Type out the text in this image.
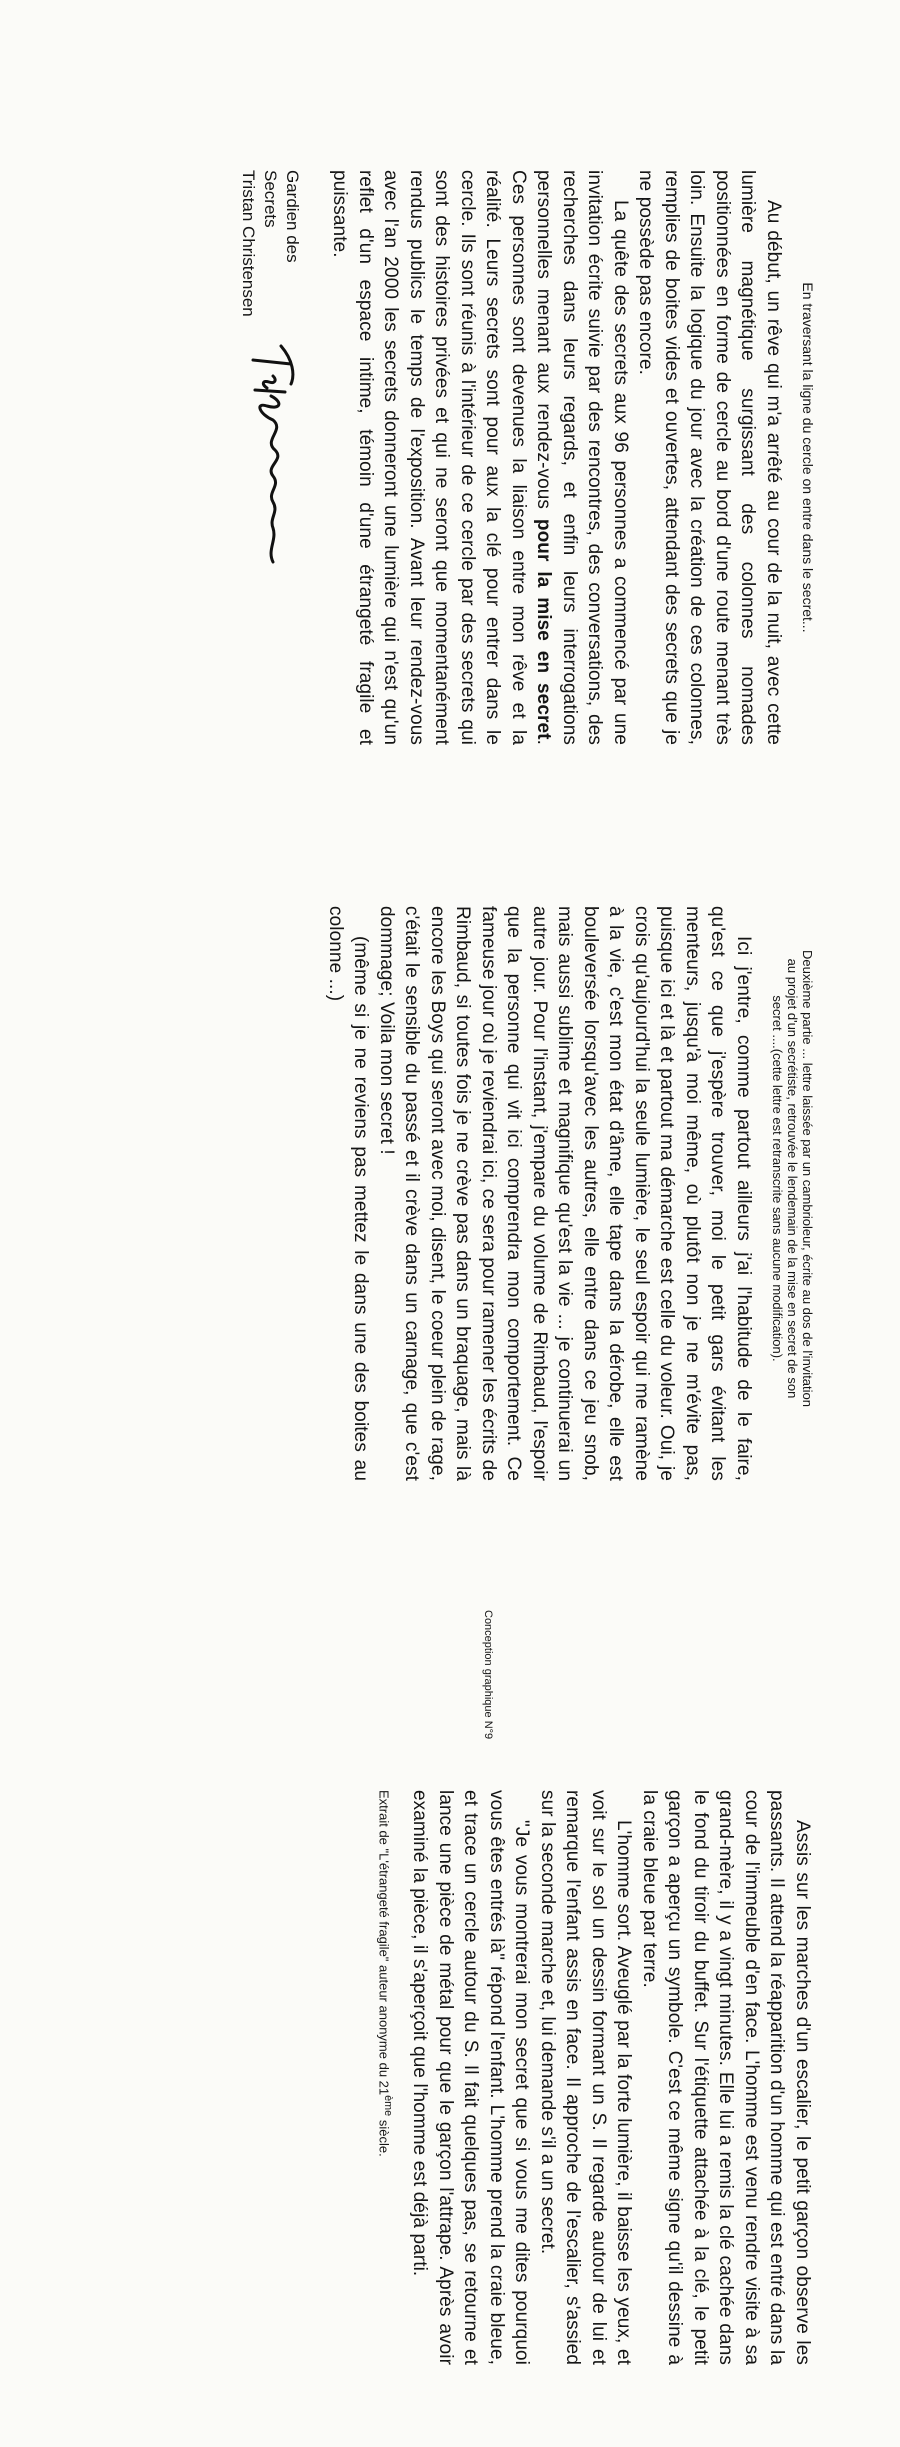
En traversant la ligne du cercle on entre dans le secret...

Au début, un rêve qui m'a arrêté au cour de la nuit, avec cette lumière magnétique surgissant des colonnes nomades positionnées en forme de cercle au bord d'une route menant très loin. Ensuite la logique du jour avec la création de ces colonnes, remplies de boites vides et ouvertes, attendant des secrets que je ne possède pas encore.

La quête des secrets aux 96 personnes a commencé par une invitation écrite suivie par des rencontres, des conversations, des recherches dans leurs regards, et enfin leurs interrogations personnelles menant aux rendez-vous pour la mise en secret. Ces personnes sont devenues la liaison entre mon rêve et la réalité. Leurs secrets sont pour aux la clé pour entrer dans le cercle. Ils sont réunis à l'intérieur de ce cercle par des secrets qui sont des histoires privées et qui ne seront que momentanément rendus publics le temps de l'exposition. Avant leur rendez-vous avec l'an 2000 les secrets donneront une lumière qui n'est qu'un reflet d'un espace intime, témoin d'une étrangeté fragile et puissante.

Gardien des Secrets
Tristan Christensen

Deuxième partie ... lettre laissée par un cambrioleur, écrite au dos de l'invitation au projet d'un secrétiste, retrouvée le lendemain de la mise en secret de son secret ....(cette lettre est retranscrite sans aucune modification).

Ici j'entre, comme partout ailleurs j'ai l'habitude de le faire, qu'est ce que j'espère trouver, moi le petit gars évitant les menteurs, jusqu'à moi même, où plutôt non je ne m'évite pas, puisque ici et là et partout ma démarche est celle du voleur. Oui, je crois qu'aujourd'hui la seule lumière, le seul espoir qui me ramène à la vie, c'est mon état d'âme, elle tape dans la dérobe, elle est bouleversée lorsqu'avec les autres, elle entre dans ce jeu snob, mais aussi sublime et magnifique qu'est la vie ... je continuerai un autre jour. Pour l'instant, j'empare du volume de Rimbaud, l'espoir que la personne qui vit ici comprendra mon comportement. Ce fameuse jour où je reviendrai ici, ce sera pour ramener les écrits de Rimbaud, si toutes fois je ne crève pas dans un braquage, mais là encore les Boys qui seront avec moi, disent, le coeur plein de rage, c'était le sensible du passé et il crève dans un carnage, que c'est dommage; Voila mon secret !

(même si je ne reviens pas mettez le dans une des boites au colonne ...)

Conception graphique N°9

Assis sur les marches d'un escalier, le petit garçon observe les passants. Il attend la réapparition d'un homme qui est entré dans la cour de l'immeuble d'en face. L'homme est venu rendre visite à sa grand-mère, il y a vingt minutes. Elle lui a remis la clé cachée dans le fond du tiroir du buffet. Sur l'étiquette attachée à la clé, le petit garçon a aperçu un symbole. C'est ce même signe qu'il dessine à la craie bleue par terre.

L'homme sort. Aveuglé par la forte lumière, il baisse les yeux, et voit sur le sol un dessin formant un S. Il regarde autour de lui et remarque l'enfant assis en face. Il approche de l'escalier, s'assied sur la seconde marche et, lui demande s'il a un secret.

"Je vous montrerai mon secret que si vous me dites pourquoi vous êtes entrés là" répond l'enfant. L'homme prend la craie bleue, et trace un cercle autour du S. Il fait quelques pas, se retourne et lance une pièce de métal pour que le garçon l'attrape. Après avoir examiné la pièce, il s'aperçoit que l'homme est déjà parti.

Extrait de "L'étrangeté fragile" auteur anonyme du 21ème siècle.
